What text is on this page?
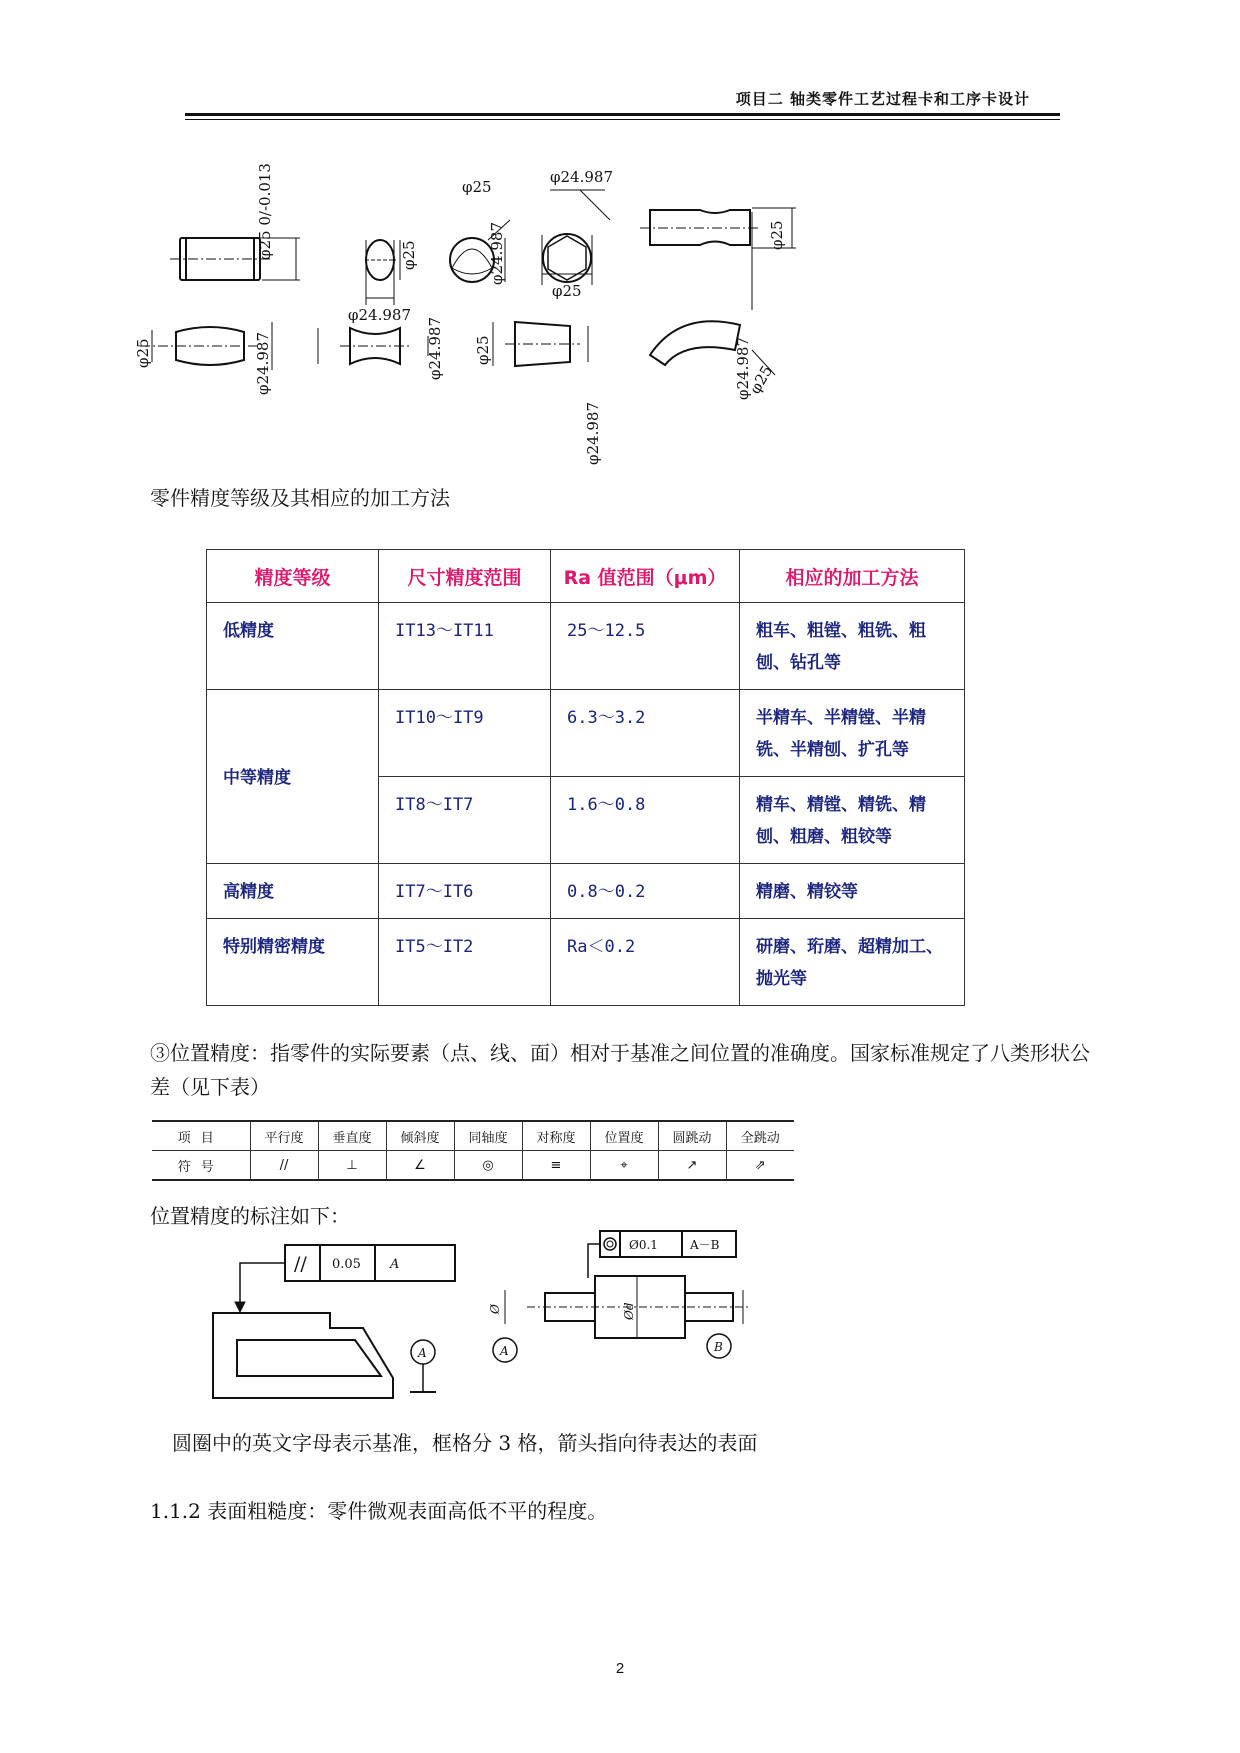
项目二 轴类零件工艺过程卡和工序卡设计
φ25 0/-0.013	φ25
φ24.987
φ25
φ24.987
φ24.987
φ25
φ25
φ24.987
φ24.987
φ25	φ24.987 φ25
φ24.987
φ25
零件精度等级及其相应的加工方法
精度等级	尺寸精度范围	Ra 值范围（μm）	相应的加工方法
低精度	IT13～IT11	25～12.5	粗车、粗镗、粗铣、粗刨、钻孔等
中等精度	IT10～IT9	6.3～3.2	半精车、半精镗、半精铣、半精刨、扩孔等
	IT8～IT7	1.6～0.8	精车、精镗、精铣、精刨、粗磨、粗铰等
高精度	IT7～IT6	0.8～0.2	精磨、精铰等
特别精密精度	IT5～IT2	Ra＜0.2	研磨、珩磨、超精加工、抛光等
③位置精度：指零件的实际要素（点、线、面）相对于基准之间位置的准确度。国家标准规定了八类形状公差（见下表）
项目	平行度	垂直度	倾斜度	同轴度	对称度	位置度	圆跳动	全跳动
符号	//	⊥	∠	◎	≡	⌖	↗	⇗
位置精度的标注如下：
// 0.05 A
A
Ø0.1	A－B
Ø	Ød
A	B
圆圈中的英文字母表示基准，框格分 3 格，箭头指向待表达的表面
1.1.2 表面粗糙度：零件微观表面高低不平的程度。
2
